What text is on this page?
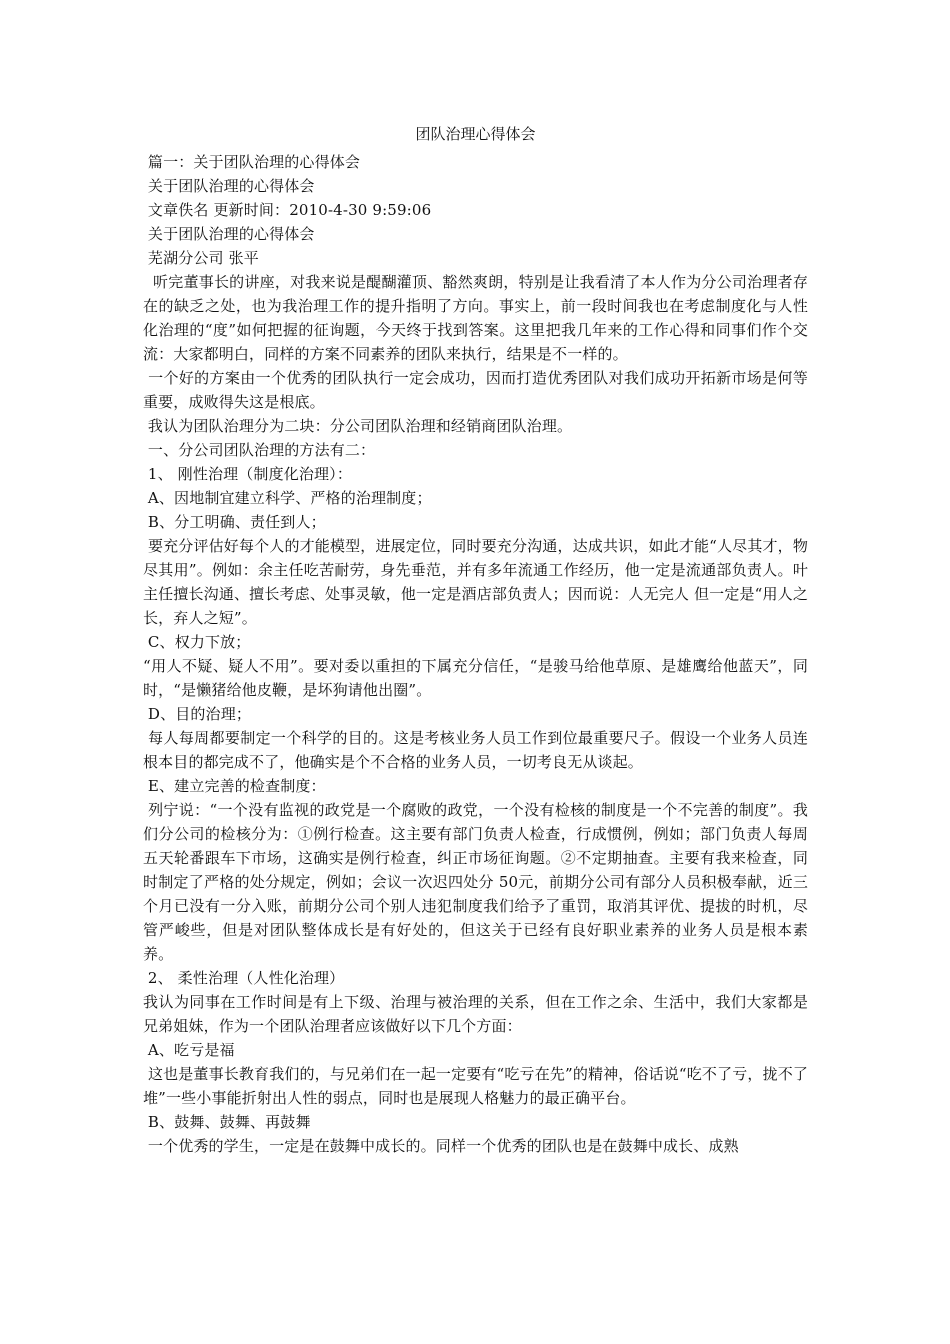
团队治理心得体会

篇一：关于团队治理的心得体会

关于团队治理的心得体会

文章佚名 更新时间：2010-4-30 9:59:06

关于团队治理的心得体会

芜湖分公司 张平

听完董事长的讲座，对我来说是醍醐灌顶、豁然爽朗，特别是让我看清了本人作为分公司治理者存在的缺乏之处，也为我治理工作的提升指明了方向。事实上，前一段时间我也在考虑制度化与人性化治理的“度”如何把握的征询题，今天终于找到答案。这里把我几年来的工作心得和同事们作个交流：大家都明白，同样的方案不同素养的团队来执行，结果是不一样的。

一个好的方案由一个优秀的团队执行一定会成功，因而打造优秀团队对我们成功开拓新市场是何等重要，成败得失这是根底。

我认为团队治理分为二块：分公司团队治理和经销商团队治理。

一、分公司团队治理的方法有二：

1、 刚性治理（制度化治理）：

A、因地制宜建立科学、严格的治理制度；

B、分工明确、责任到人；

要充分评估好每个人的才能模型，进展定位，同时要充分沟通，达成共识，如此才能“人尽其才，物尽其用”。例如：余主任吃苦耐劳，身先垂范，并有多年流通工作经历，他一定是流通部负责人。叶主任擅长沟通、擅长考虑、处事灵敏，他一定是酒店部负责人；因而说：人无完人 但一定是“用人之长，弃人之短”。

C、权力下放；

“用人不疑、疑人不用”。要对委以重担的下属充分信任，“是骏马给他草原、是雄鹰给他蓝天”，同时，“是懒猪给他皮鞭，是坏狗请他出圈”。

D、目的治理；

每人每周都要制定一个科学的目的。这是考核业务人员工作到位最重要尺子。假设一个业务人员连根本目的都完成不了，他确实是个不合格的业务人员，一切考良无从谈起。

E、建立完善的检查制度：

列宁说：“一个没有监视的政党是一个腐败的政党，一个没有检核的制度是一个不完善的制度”。我们分公司的检核分为：①例行检查。这主要有部门负责人检查，行成惯例，例如；部门负责人每周五天轮番跟车下市场，这确实是例行检查，纠正市场征询题。②不定期抽查。主要有我来检查，同时制定了严格的处分规定，例如；会议一次迟四处分 50元，前期分公司有部分人员积极奉献，近三个月已没有一分入账，前期分公司个别人违犯制度我们给予了重罚，取消其评优、提拔的时机，尽管严峻些，但是对团队整体成长是有好处的，但这关于已经有良好职业素养的业务人员是根本素养。

2、 柔性治理（人性化治理）

我认为同事在工作时间是有上下级、治理与被治理的关系，但在工作之余、生活中，我们大家都是兄弟姐妹，作为一个团队治理者应该做好以下几个方面：

A、吃亏是福

这也是董事长教育我们的，与兄弟们在一起一定要有“吃亏在先”的精神，俗话说“吃不了亏，拢不了堆”一些小事能折射出人性的弱点，同时也是展现人格魅力的最正确平台。

B、鼓舞、鼓舞、再鼓舞

一个优秀的学生，一定是在鼓舞中成长的。同样一个优秀的团队也是在鼓舞中成长、成熟
